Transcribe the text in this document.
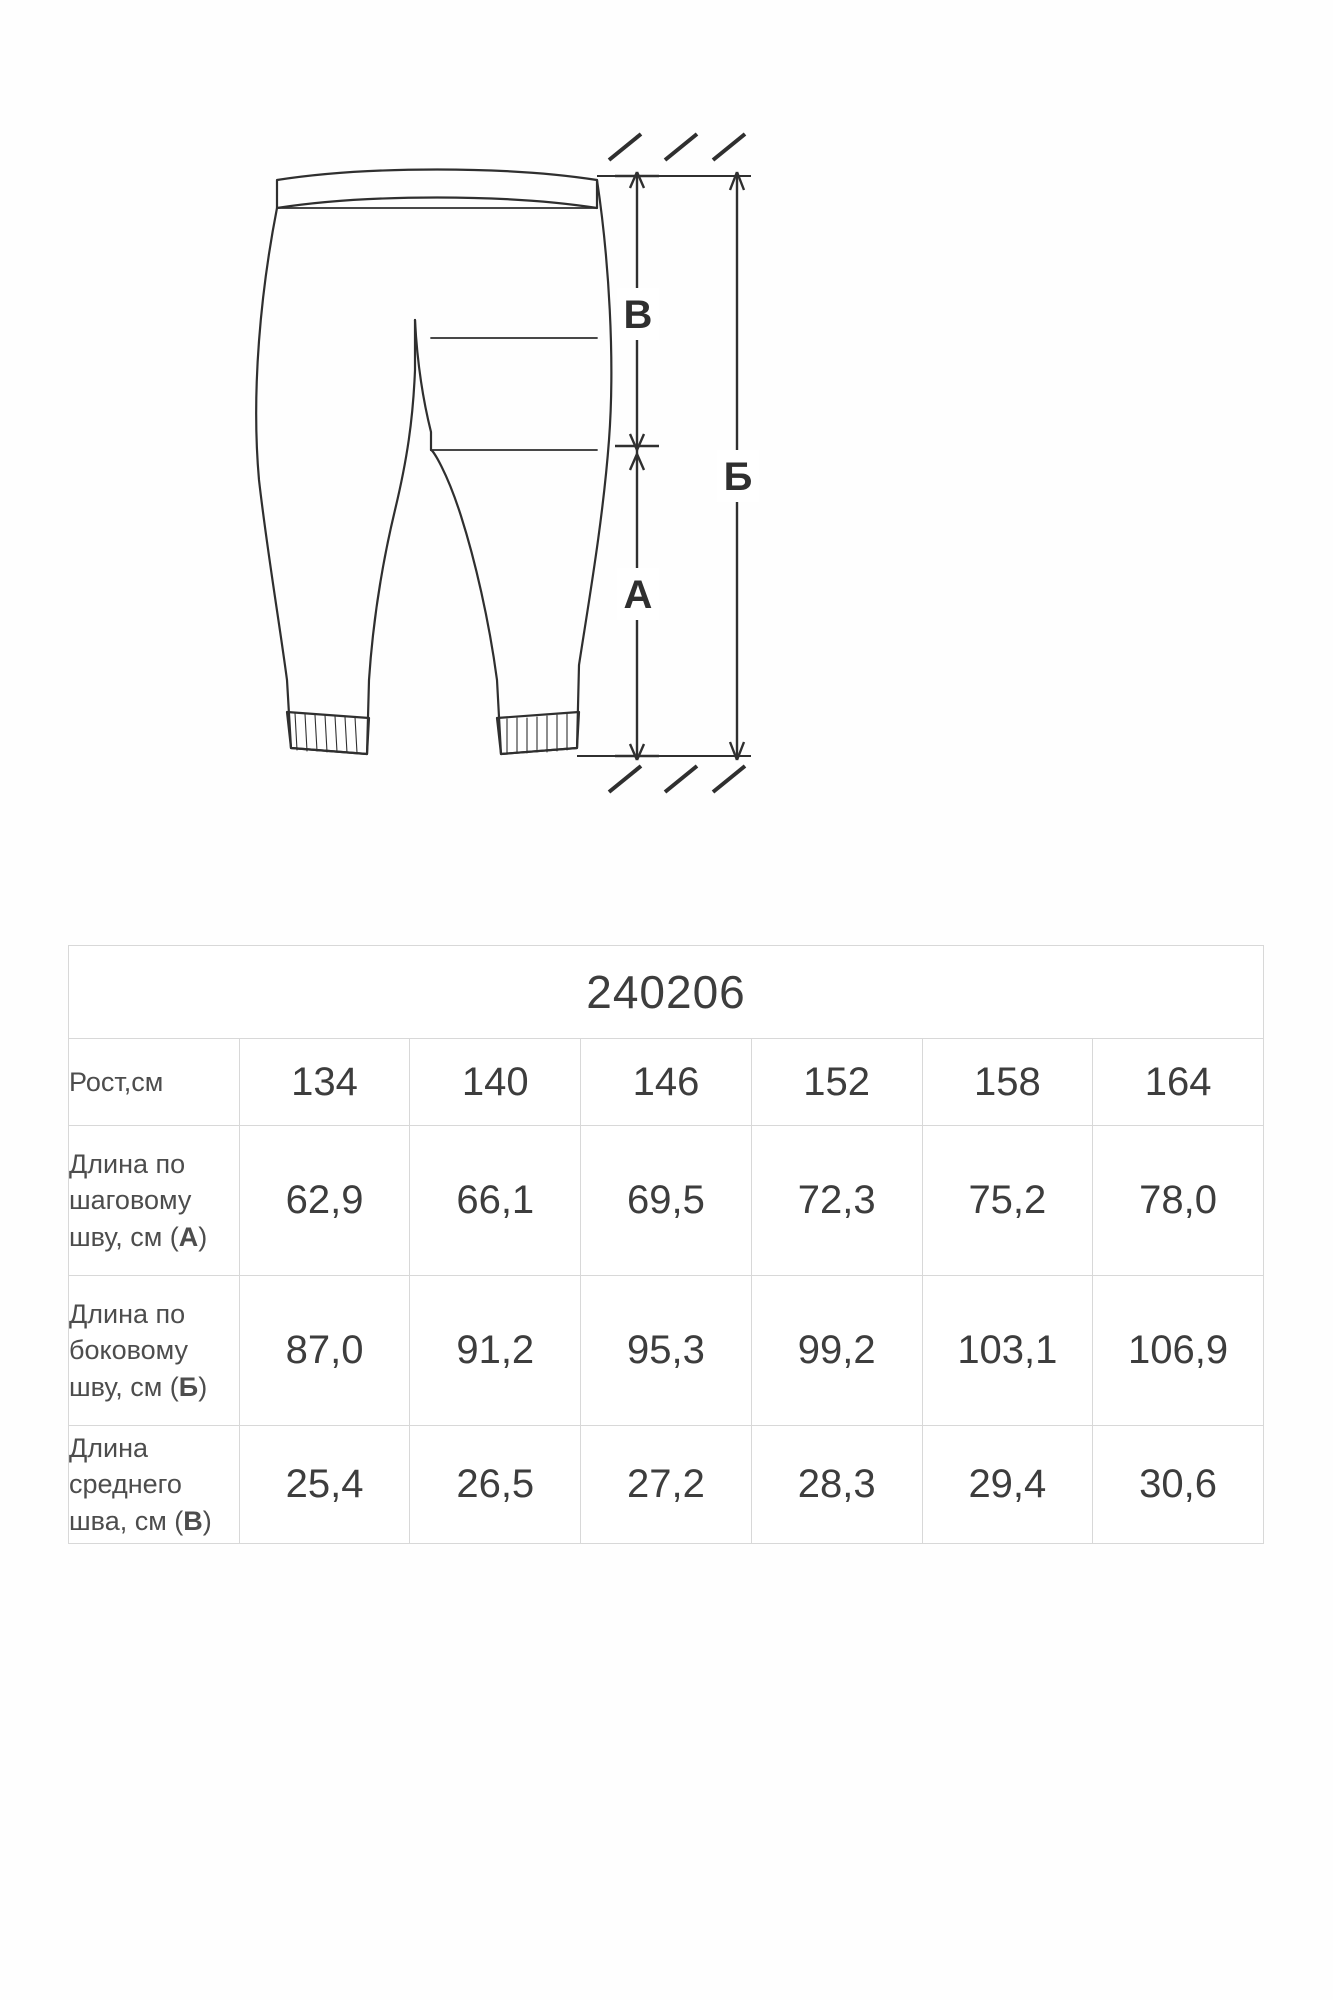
В
А
Б
240206						
Рост,см	134	140	146	152	158	164
Длина по шаговому шву, см (А)	62,9	66,1	69,5	72,3	75,2	78,0
Длина по боковому шву, см (Б)	87,0	91,2	95,3	99,2	103,1	106,9
Длина среднего шва, см (В)	25,4	26,5	27,2	28,3	29,4	30,6
